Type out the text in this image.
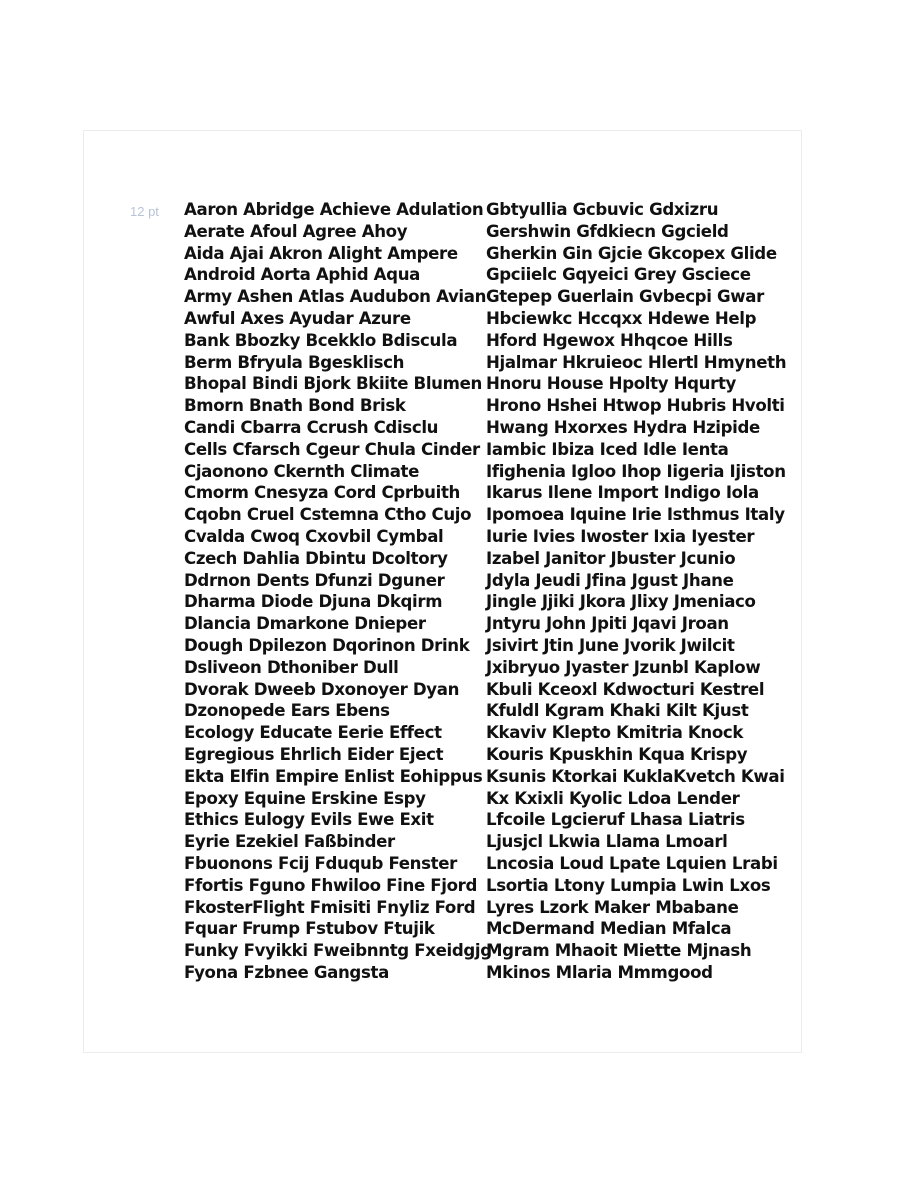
12 pt Aaron Abridge Achieve Adulation
Aerate Afoul Agree Ahoy
Aida Ajai Akron Alight Ampere
Android Aorta Aphid Aqua
Army Ashen Atlas Audubon Avian
Awful Axes Ayudar Azure
Bank Bbozky Bcekklo Bdiscula
Berm Bfryula Bgesklisch
Bhopal Bindi Bjork Bkiite Blumen
Bmorn Bnath Bond Brisk
Candi Cbarra Ccrush Cdisclu
Cells Cfarsch Cgeur Chula Cinder
Cjaonono Ckernth Climate
Cmorm Cnesyza Cord Cprbuith
Cqobn Cruel Cstemna Ctho Cujo
Cvalda Cwoq Cxovbil Cymbal
Czech Dahlia Dbintu Dcoltory
Ddrnon Dents Dfunzi Dguner
Dharma Diode Djuna Dkqirm
Dlancia Dmarkone Dnieper
Dough Dpilezon Dqorinon Drink
Dsliveon Dthoniber Dull
Dvorak Dweeb Dxonoyer Dyan
Dzonopede Ears Ebens
Ecology Educate Eerie Effect
Egregious Ehrlich Eider Eject
Ekta Elfin Empire Enlist Eohippus
Epoxy Equine Erskine Espy
Ethics Eulogy Evils Ewe Exit
Eyrie Ezekiel Faßbinder
Fbuonons Fcij Fduqub Fenster
Ffortis Fguno Fhwiloo Fine Fjord
FkosterFlight Fmisiti Fnyliz Ford
Fquar Frump Fstubov Ftujik
Funky Fvyikki Fweibnntg Fxeidgjg
Fyona Fzbnee Gangsta
Gbtyullia Gcbuvic Gdxizru
Gershwin Gfdkiecn Ggcield
Gherkin Gin Gjcie Gkcopex Glide
Gpciielc Gqyeici Grey Gsciece
Gtepep Guerlain Gvbecpi Gwar
Hbciewkc Hccqxx Hdewe Help
Hford Hgewox Hhqcoe Hills
Hjalmar Hkruieoc Hlertl Hmyneth
Hnoru House Hpolty Hqurty
Hrono Hshei Htwop Hubris Hvolti
Hwang Hxorxes Hydra Hzipide
Iambic Ibiza Iced Idle Ienta
Ifighenia Igloo Ihop Iigeria Ijiston
Ikarus Ilene Import Indigo Iola
Ipomoea Iquine Irie Isthmus Italy
Iurie Ivies Iwoster Ixia Iyester
Izabel Janitor Jbuster Jcunio
Jdyla Jeudi Jfina Jgust Jhane
Jingle Jjiki Jkora Jlixy Jmeniaco
Jntyru John Jpiti Jqavi Jroan
Jsivirt Jtin June Jvorik Jwilcit
Jxibryuo Jyaster Jzunbl Kaplow
Kbuli Kceoxl Kdwocturi Kestrel
Kfuldl Kgram Khaki Kilt Kjust
Kkaviv Klepto Kmitria Knock
Kouris Kpuskhin Kqua Krispy
Ksunis Ktorkai KuklaKvetch Kwai
Kx Kxixli Kyolic Ldoa Lender
Lfcoile Lgcieruf Lhasa Liatris
Ljusjcl Lkwia Llama Lmoarl
Lncosia Loud Lpate Lquien Lrabi
Lsortia Ltony Lumpia Lwin Lxos
Lyres Lzork Maker Mbabane
McDermand Median Mfalca
Mgram Mhaoit Miette Mjnash
Mkinos Mlaria Mmmgood
